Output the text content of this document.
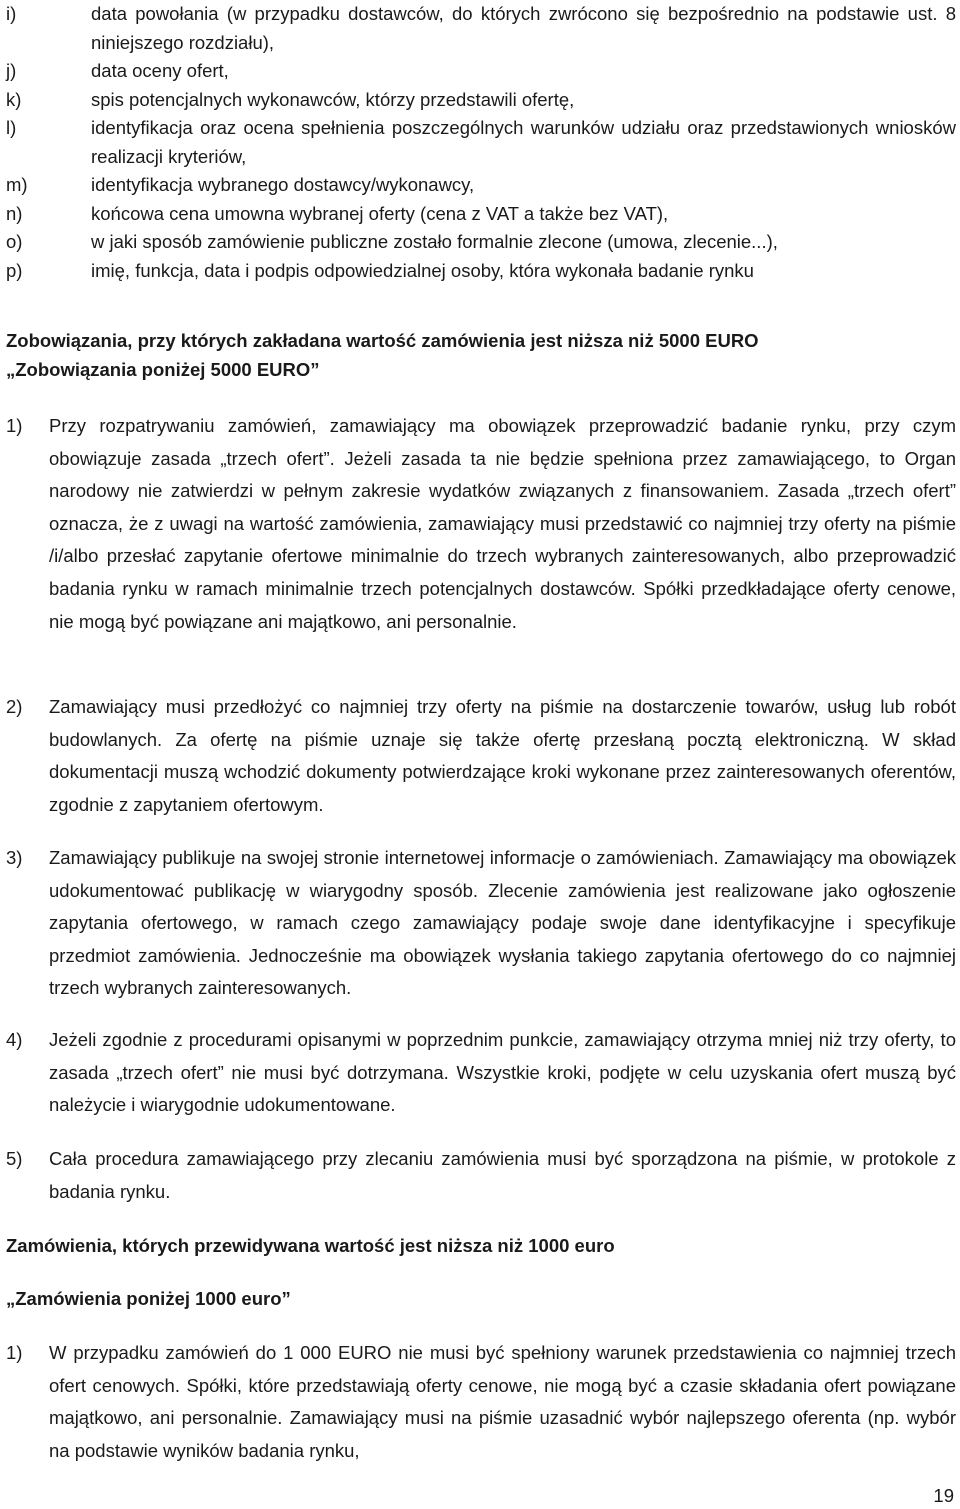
i)	data powołania (w przypadku dostawców, do których zwrócono się bezpośrednio na podstawie ust. 8 niniejszego rozdziału),
j)	data oceny ofert,
k)	spis potencjalnych wykonawców, którzy przedstawili ofertę,
l)	identyfikacja oraz ocena spełnienia poszczególnych warunków udziału oraz przedstawionych wniosków realizacji kryteriów,
m)	identyfikacja wybranego dostawcy/wykonawcy,
n)	końcowa cena umowna wybranej oferty (cena z VAT a także bez VAT),
o)	w jaki sposób zamówienie publiczne zostało formalnie zlecone (umowa, zlecenie...),
p)	imię, funkcja, data i podpis odpowiedzialnej osoby, która wykonała badanie rynku
Zobowiązania, przy których zakładana wartość zamówienia jest niższa niż 5000 EURO
„Zobowiązania poniżej 5000 EURO”
1)	Przy rozpatrywaniu zamówień, zamawiający ma obowiązek przeprowadzić badanie rynku, przy czym obowiązuje zasada „trzech ofert”. Jeżeli zasada ta nie będzie spełniona przez zamawiającego, to Organ narodowy nie zatwierdzi w pełnym zakresie wydatków związanych z finansowaniem. Zasada „trzech ofert” oznacza, że z uwagi na wartość zamówienia, zamawiający musi przedstawić co najmniej trzy oferty na piśmie /i/albo przesłać zapytanie ofertowe minimalnie do trzech wybranych zainteresowanych, albo przeprowadzić badania rynku w ramach minimalnie trzech potencjalnych dostawców. Spółki przedkładające oferty cenowe, nie mogą być powiązane ani majątkowo, ani personalnie.
2)	Zamawiający musi przedłożyć co najmniej trzy oferty na piśmie na dostarczenie towarów, usług lub robót budowlanych. Za ofertę na piśmie uznaje się także ofertę przesłaną pocztą elektroniczną. W skład dokumentacji muszą wchodzić dokumenty potwierdzające kroki wykonane przez zainteresowanych oferentów, zgodnie z zapytaniem ofertowym.
3)	Zamawiający publikuje na swojej stronie internetowej informacje o zamówieniach. Zamawiający ma obowiązek udokumentować publikację w wiarygodny sposób. Zlecenie zamówienia jest realizowane jako ogłoszenie zapytania ofertowego, w ramach czego zamawiający podaje swoje dane identyfikacyjne i specyfikuje przedmiot zamówienia. Jednocześnie ma obowiązek wysłania takiego zapytania ofertowego do co najmniej trzech wybranych zainteresowanych.
4)	Jeżeli zgodnie z procedurami opisanymi w poprzednim punkcie, zamawiający otrzyma mniej niż trzy oferty, to zasada „trzech ofert” nie musi być dotrzymana. Wszystkie kroki, podjęte w celu uzyskania ofert muszą być należycie i wiarygodnie udokumentowane.
5)	Cała procedura zamawiającego przy zlecaniu zamówienia musi być sporządzona na piśmie, w protokole z badania rynku.
Zamówienia, których przewidywana wartość jest niższa niż 1000 euro
„Zamówienia poniżej 1000 euro”
1)	W przypadku zamówień do 1 000 EURO nie musi być spełniony warunek przedstawienia co najmniej trzech ofert cenowych. Spółki, które przedstawiają oferty cenowe, nie mogą być a czasie składania ofert powiązane majątkowo, ani personalnie. Zamawiający musi na piśmie uzasadnić wybór najlepszego oferenta (np. wybór na podstawie wyników badania rynku,
19
